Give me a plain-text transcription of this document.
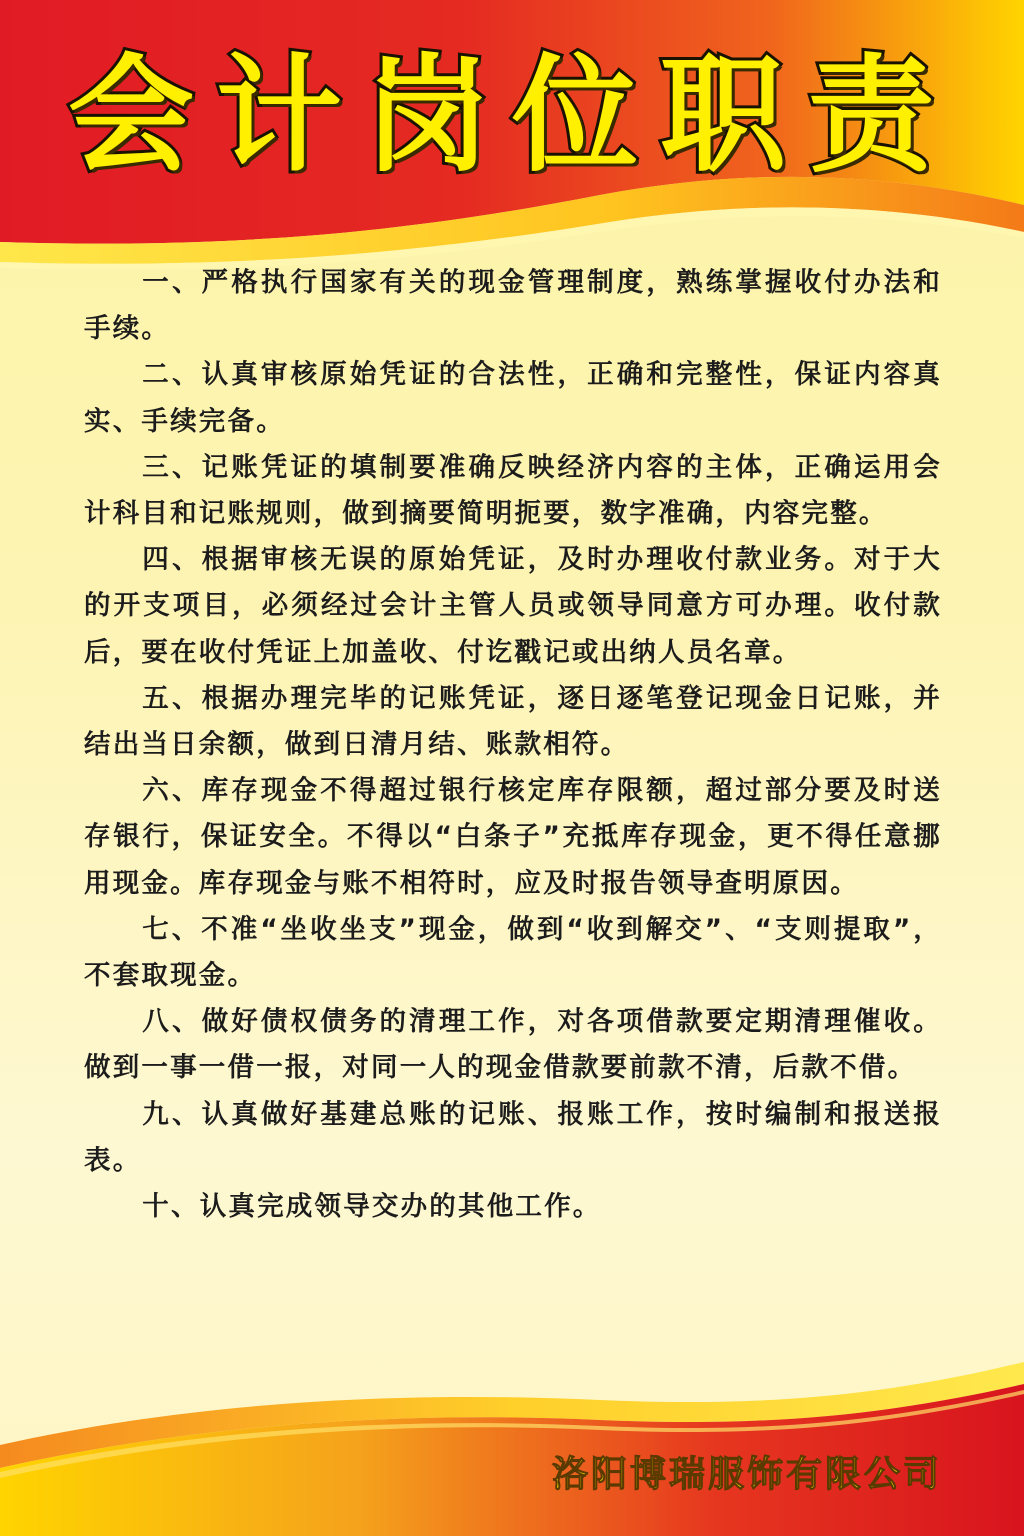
会计岗位职责

一、严格执行国家有关的现金管理制度，熟练掌握收付办法和手续。

二、认真审核原始凭证的合法性，正确和完整性，保证内容真实、手续完备。

三、记账凭证的填制要准确反映经济内容的主体，正确运用会计科目和记账规则，做到摘要简明扼要，数字准确，内容完整。

四、根据审核无误的原始凭证，及时办理收付款业务。对于大的开支项目，必须经过会计主管人员或领导同意方可办理。收付款后，要在收付凭证上加盖收、付讫戳记或出纳人员名章。

五、根据办理完毕的记账凭证，逐日逐笔登记现金日记账，并结出当日余额，做到日清月结、账款相符。

六、库存现金不得超过银行核定库存限额，超过部分要及时送存银行，保证安全。不得以“白条子”充抵库存现金，更不得任意挪用现金。库存现金与账不相符时，应及时报告领导查明原因。

七、不准“坐收坐支”现金，做到“收到解交”、“支则提取”，不套取现金。

八、做好债权债务的清理工作，对各项借款要定期清理催收。做到一事一借一报，对同一人的现金借款要前款不清，后款不借。

九、认真做好基建总账的记账、报账工作，按时编制和报送报表。

十、认真完成领导交办的其他工作。

洛阳博瑞服饰有限公司
